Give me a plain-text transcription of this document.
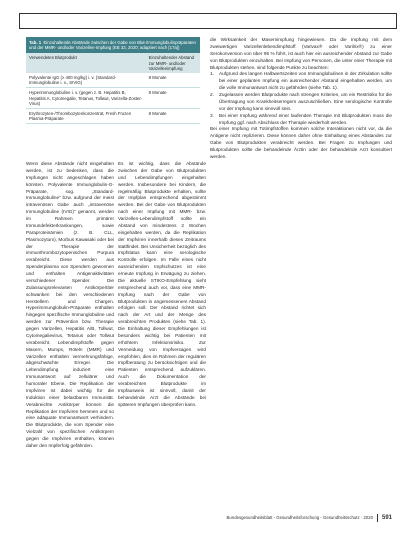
Tab. 1 Einzuhaltende Abstände zwischen der Gabe von Blut-/Immunglobulinpräparaten und der MMR- und/oder Varizellen-Impfung (EB 33, 2020; adaptiert nach [17a])
Verwendetes Blutprodukt	Einzuhaltender Abstand zur MMR- und/oder Varizellenimpfung
Polyvalente IgG (≥ 400 mg/kg) i. v. (Standard-Immunglobuline i. v., SIVIG)	8 Monate
Hyperimmunglobuline i. v. (gegen z. B. Hepatitis B, Hepatitis A, Cytomegalie, Tetanus, Tollwut, Varizella-Zoster-Virus)	8 Monate
Erythrozyten-/Thrombozytenkonzentrat, Fresh Frozen Plasma-Präparate	8 Monate

Wenn diese Abstände nicht eingehalten werden, ist zu bedenken, dass die Impfungen nicht angeschlagen haben könnten. Polyvalente Immunglobulin-G-Präparate, sog. „Standard-Immunglobuline“ bzw. aufgrund der meist intravenösen Gabe auch „intravenöse Immunglobuline (IVIG)“ genannt, werden im Rahmen primärer Immundefekterkrankungen, sowie Paraproteinämien (z. B. CLL, Plasmozytom), Morbus Kawasaki oder bei der Therapie der immunthrombozytopenischen Purpura verabreicht. Diese werden aus Spenderplasma von Spendern gewonnen und enthalten Antigenaktivitäten verschiedener Spender. Die Zulassungsrelevanten Antikörpertiter schwanken bei den verschiedenen Herstellern und Chargen. Hyperimmunglobulin-Präparate enthalten hingegen spezifische Immunglobuline und werden zur Prävention bzw. Therapie gegen Varizellen, Hepatitis A/B, Tollwut, Cytomegalievirus, Tetanus oder Tollwut verabreicht. Lebendimpfstoffe gegen Masern, Mumps, Röteln (MMR) und Varizellen enthalten vermehrungsfähige, abgeschwächte Erreger. Die Lebendimpfung induziert eine Immunantwort auf zellulärer und humoraler Ebene. Die Replikation der Impfviren ist dabei wichtig für die Induktion einer belastbaren Immunität. Verabreichte Antikörper können die Replikation der Impfviren hemmen und so eine adäquate Immunantwort verhindern. Die Blutprodukte, die vom Spender eine Vielzahl von spezifischen Antikörpern gegen die Impfviren enthalten, können daher den Impferfolg gefährden.

Es ist wichtig, dass die Abstände zwischen der Gabe von Blutprodukten und Lebendimpfungen eingehalten werden. Insbesondere bei Kindern, die regelmäßig Blutprodukte erhalten, sollte der Impfplan entsprechend abgestimmt werden. Bei der Gabe von Blutprodukten nach einer Impfung mit MMR- bzw. Varizellen-Lebendimpfstoff sollte ein Abstand von mindestens 2 Wochen eingehalten werden, da die Replikation der Impfviren innerhalb dieses Zeitraums stattfindet. Bei Unsicherheit bezüglich des Impfstatus kann eine serologische Kontrolle erfolgen. Im Falle eines nicht ausreichenden Impfschutzes ist eine erneute Impfung in Erwägung zu ziehen. Die aktuelle STIKO-Empfehlung sieht entsprechend auch vor, dass eine MMR-Impfung nach der Gabe von Blutprodukten in angemessenem Abstand erfolgen soll. Der Abstand richtet sich nach der Art und der Menge des verabreichten Produktes (siehe Tab. 1). Die Einhaltung dieser Empfehlungen ist besonders wichtig bei Patienten mit erhöhtem Infektionsrisiko. Zur Vermeidung von Impfversagen wird empfohlen, dies im Rahmen der regulären Impfberatung zu berücksichtigen und die Patienten entsprechend aufzuklären. Auch die Dokumentation der verabreichten Blutprodukte im Impfausweis ist sinnvoll, damit der behandelnde Arzt die Abstände bei späteren Impfungen überprüfen kann.

die Wirksamkeit der Masernimpfung hingewiesen. Da die Impfung mit dem zweiwertigen Varizellenlebendimpfstoff (Varivax® oder Varilrix®) zu einer Serokonversion von über 95 % führt, ist auch hier ein ausreichender Abstand zur Gabe von Blutprodukten einzuhalten. Bei Impfung von Personen, die unter einer Therapie mit Blutprodukten stehen, sind folgende Punkte zu beachten:

1.	Aufgrund des langen Halbwertszeiten von Immunglobulinen in der Zirkulation sollte bei einer geplanten Impfung ein ausreichender Abstand eingehalten werden, um die volle Immunantwort nicht zu gefährden (siehe Tab. 1).
2.	Zugelassen werden Blutprodukte nach strengen Kriterien, um ein Restrisiko für die Übertragung von Krankheitserregern auszuschließen. Eine serologische Kontrolle vor der Impfung kann sinnvoll sein.
3.	Bei einer Impfung während einer laufenden Therapie mit Blutprodukten muss die Impfung ggf. nach Abschluss der Therapie wiederholt werden.

Bei einer Impfung mit Totimpfstoffen kommen solche Interaktionen nicht vor, da die Antigene nicht replizieren. Diese können daher ohne Einhaltung eines Abstandes zur Gabe von Blutprodukten verabreicht werden. Bei Fragen zu Impfungen und Blutprodukten sollte die behandelnde Ärztin oder der behandelnde Arzt konsultiert werden.

Bundesgesundheitsblatt - Gesundheitsforschung - Gesundheitsschutz · 2020 591
